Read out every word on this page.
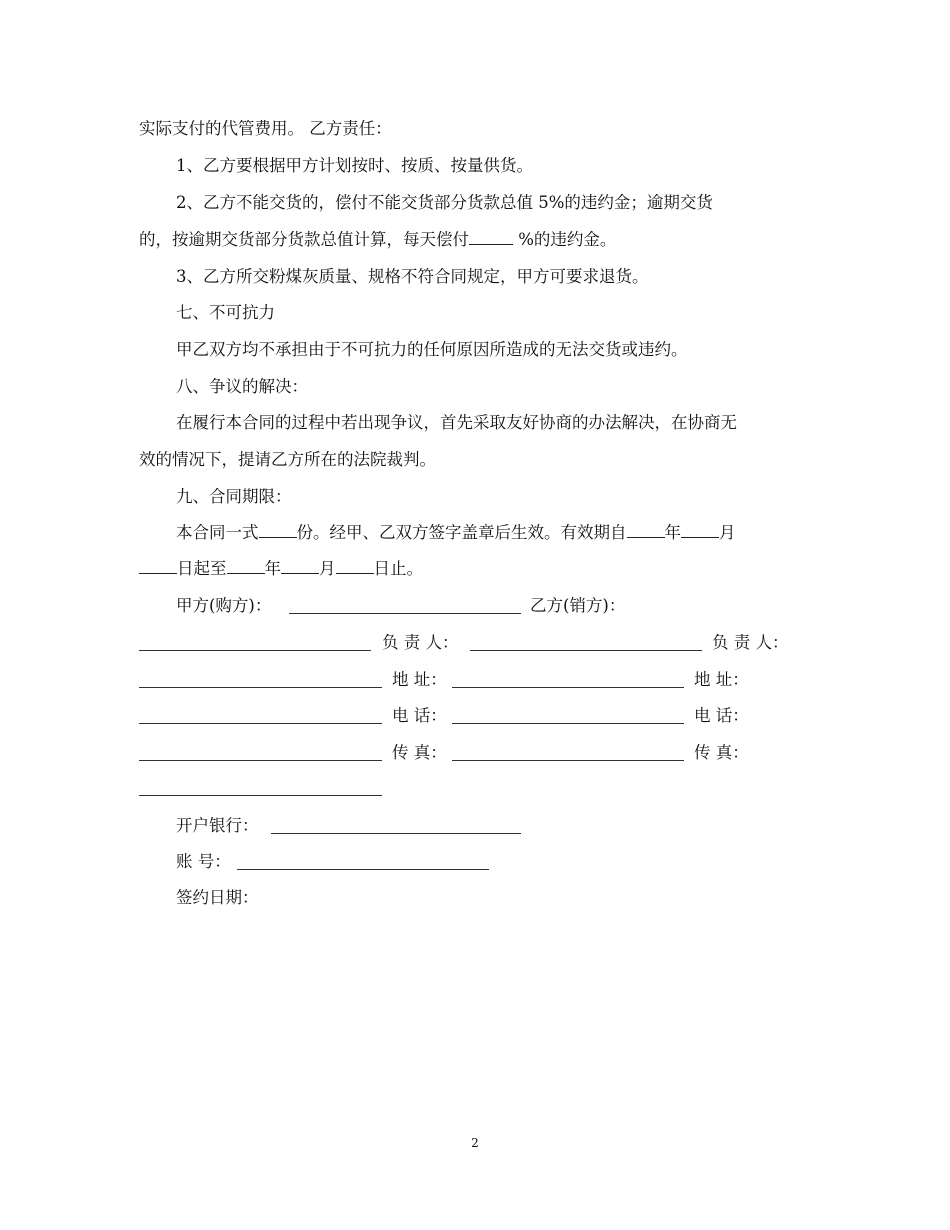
实际支付的代管费用。 乙方责任：
1、乙方要根据甲方计划按时、按质、按量供货。
2、乙方不能交货的，偿付不能交货部分货款总值 5%的违约金；逾期交货
的，按逾期交货部分货款总值计算，每天偿付	%的违约金。
3、乙方所交粉煤灰质量、规格不符合同规定，甲方可要求退货。
七、不可抗力
甲乙双方均不承担由于不可抗力的任何原因所造成的无法交货或违约。
八、争议的解决：
在履行本合同的过程中若出现争议，首先采取友好协商的办法解决，在协商无
效的情况下，提请乙方所在的法院裁判。
九、合同期限：
本合同一式 份。经甲、乙双方签字盖章后生效。有效期自 年 月
日起至 年 月 日止。
甲方(购方)：	乙方(销方)：
负 责 人：	负 责 人：
地 址：	地 址：
电 话：	电 话：
传 真：	传 真：
开户银行：
账 号：
签约日期：
2
